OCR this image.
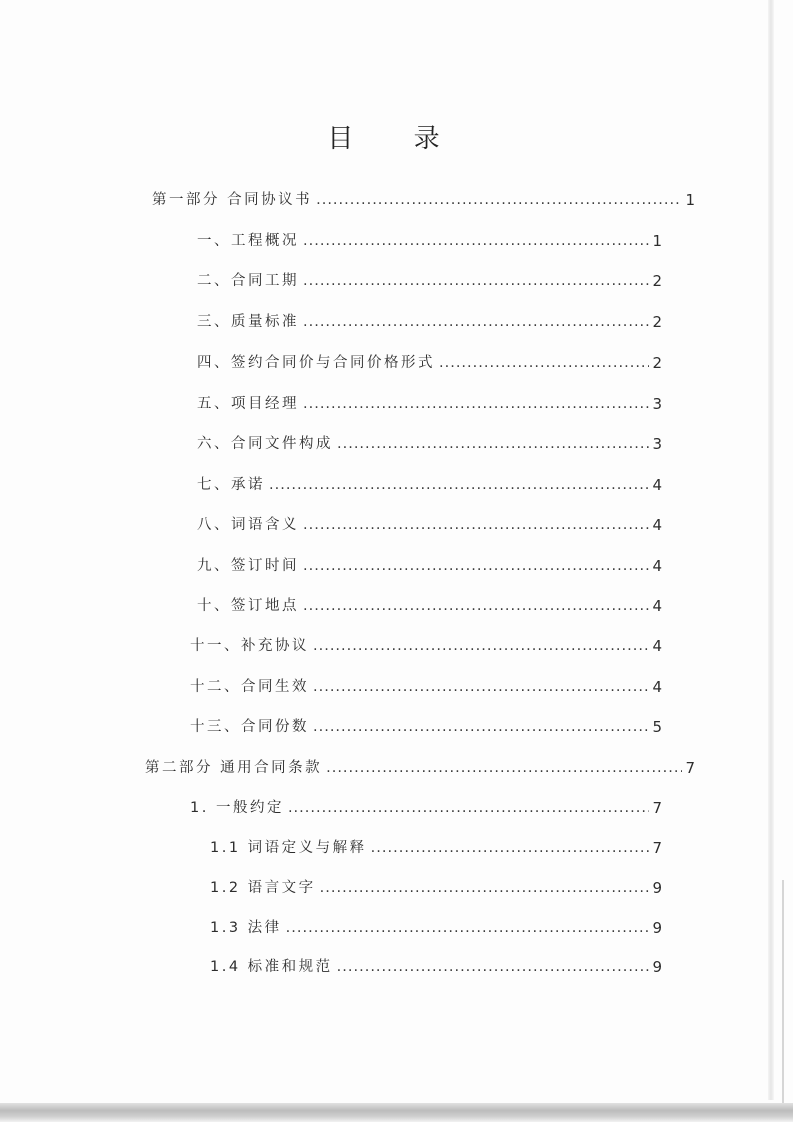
目 录
第一部分 合同协议书 .....	1
一、工程概况 .....	1
二、合同工期 .....	2
三、质量标准 .....	2
四、签约合同价与合同价格形式 .....	2
五、项目经理 .....	3
六、合同文件构成 .....	3
七、承诺 .....	4
八、词语含义 .....	4
九、签订时间 .....	4
十、签订地点 .....	4
十一、补充协议 .....	4
十二、合同生效 .....	4
十三、合同份数 .....	5
第二部分 通用合同条款 .....	7
1. 一般约定 .....	7
1.1 词语定义与解释 .....	7
1.2 语言文字 .....	9
1.3 法律 .....	9
1.4 标准和规范 .....	9
